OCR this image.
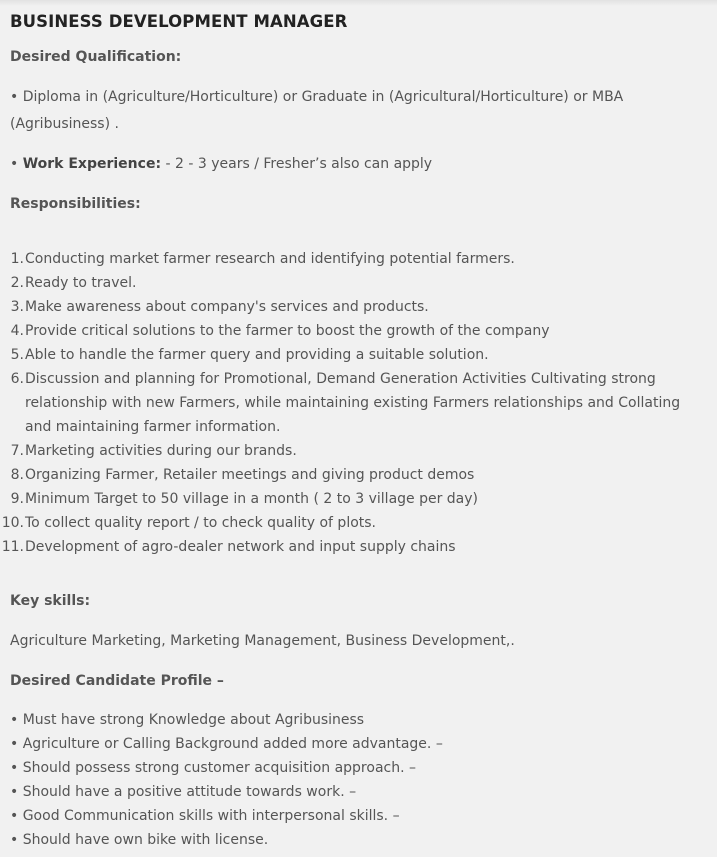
BUSINESS DEVELOPMENT MANAGER
Desired Qualification:
• Diploma in (Agriculture/Horticulture) or Graduate in (Agricultural/Horticulture) or MBA (Agribusiness) .
• Work Experience: - 2 - 3 years / Fresher’s also can apply
Responsibilities:
1. Conducting market farmer research and identifying potential farmers.
2. Ready to travel.
3. Make awareness about company's services and products.
4. Provide critical solutions to the farmer to boost the growth of the company
5. Able to handle the farmer query and providing a suitable solution.
6. Discussion and planning for Promotional, Demand Generation Activities Cultivating strong relationship with new Farmers, while maintaining existing Farmers relationships and Collating and maintaining farmer information.
7. Marketing activities during our brands.
8. Organizing Farmer, Retailer meetings and giving product demos
9. Minimum Target to 50 village in a month ( 2 to 3 village per day)
10. To collect quality report / to check quality of plots.
11. Development of agro-dealer network and input supply chains
Key skills:
Agriculture Marketing, Marketing Management, Business Development,.
Desired Candidate Profile –
• Must have strong Knowledge about Agribusiness
• Agriculture or Calling Background added more advantage. –
• Should possess strong customer acquisition approach. –
• Should have a positive attitude towards work. –
• Good Communication skills with interpersonal skills. –
• Should have own bike with license.
